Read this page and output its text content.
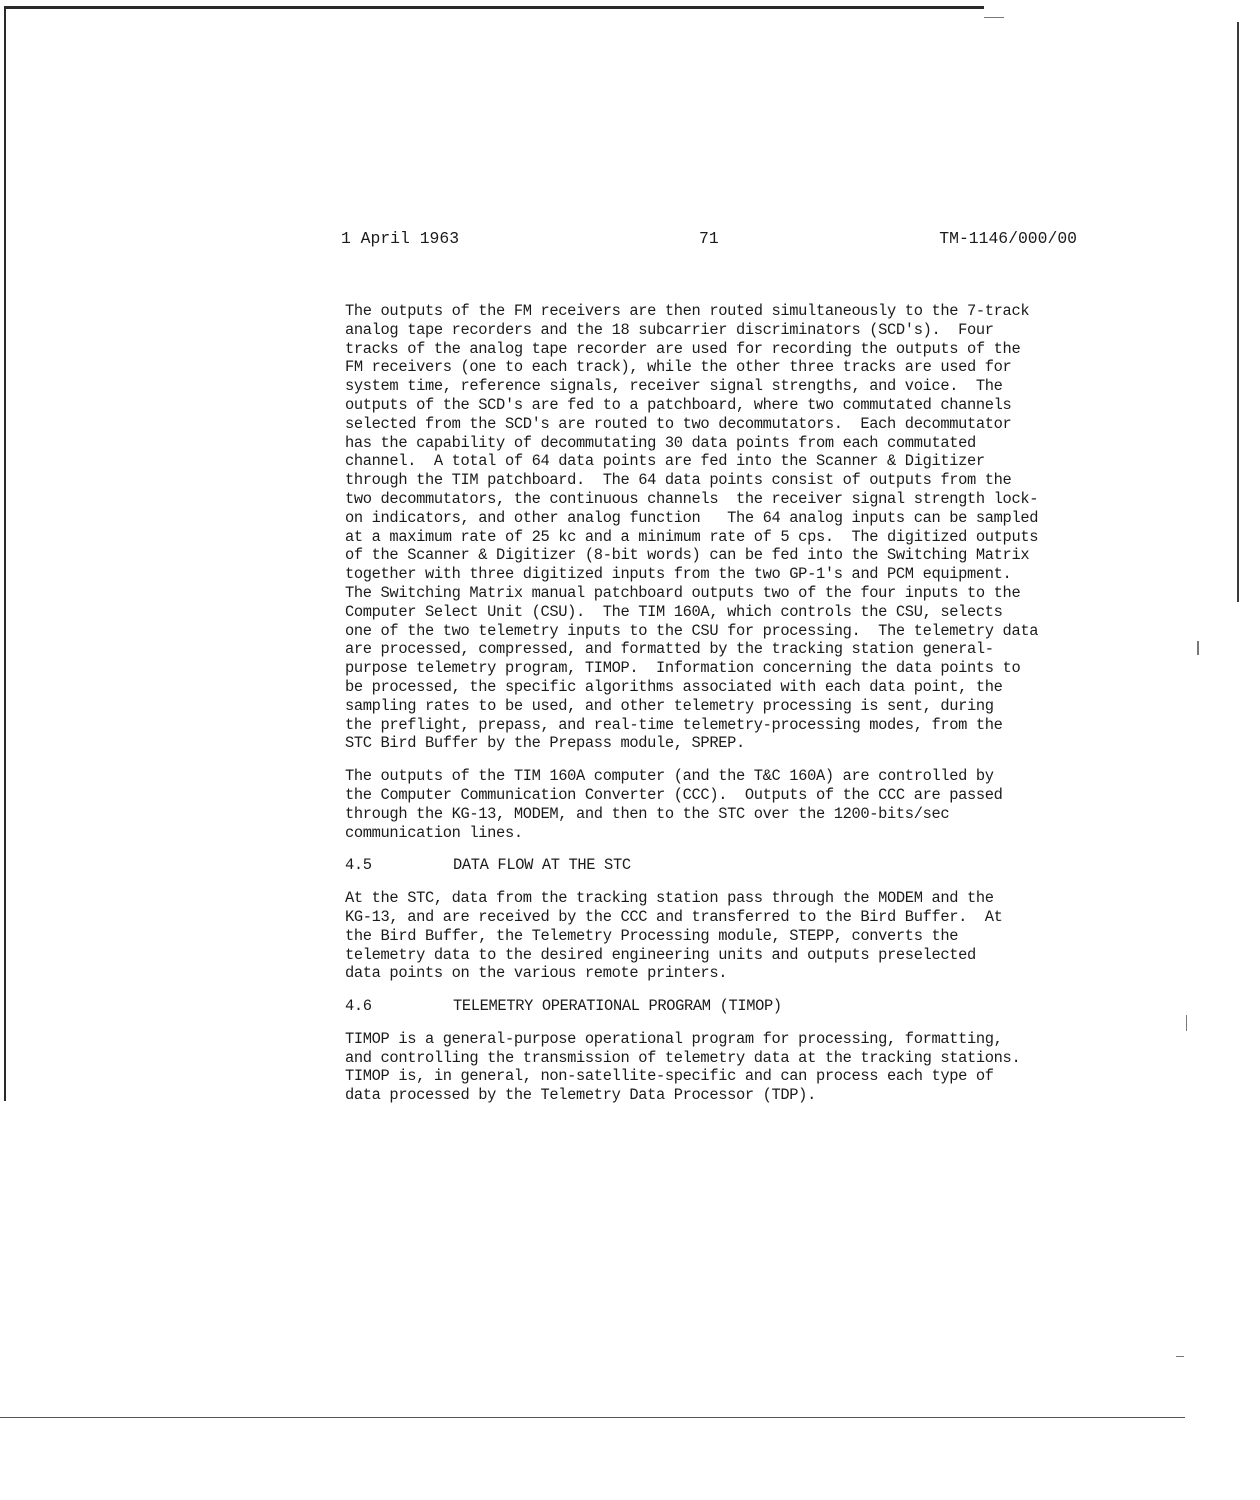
1 April 1963	71	TM-1146/000/00

The outputs of the FM receivers are then routed simultaneously to the 7-track
analog tape recorders and the 18 subcarrier discriminators (SCD's).  Four
tracks of the analog tape recorder are used for recording the outputs of the
FM receivers (one to each track), while the other three tracks are used for
system time, reference signals, receiver signal strengths, and voice.  The
outputs of the SCD's are fed to a patchboard, where two commutated channels
selected from the SCD's are routed to two decommutators.  Each decommutator
has the capability of decommutating 30 data points from each commutated
channel.  A total of 64 data points are fed into the Scanner & Digitizer
through the TIM patchboard.  The 64 data points consist of outputs from the
two decommutators, the continuous channels  the receiver signal strength lock-
on indicators, and other analog function   The 64 analog inputs can be sampled
at a maximum rate of 25 kc and a minimum rate of 5 cps.  The digitized outputs
of the Scanner & Digitizer (8-bit words) can be fed into the Switching Matrix
together with three digitized inputs from the two GP-1's and PCM equipment.
The Switching Matrix manual patchboard outputs two of the four inputs to the
Computer Select Unit (CSU).  The TIM 160A, which controls the CSU, selects
one of the two telemetry inputs to the CSU for processing.  The telemetry data
are processed, compressed, and formatted by the tracking station general-
purpose telemetry program, TIMOP.  Information concerning the data points to
be processed, the specific algorithms associated with each data point, the
sampling rates to be used, and other telemetry processing is sent, during
the preflight, prepass, and real-time telemetry-processing modes, from the
STC Bird Buffer by the Prepass module, SPREP.

The outputs of the TIM 160A computer (and the T&C 160A) are controlled by
the Computer Communication Converter (CCC).  Outputs of the CCC are passed
through the KG-13, MODEM, and then to the STC over the 1200-bits/sec
communication lines.

4.5	DATA FLOW AT THE STC

At the STC, data from the tracking station pass through the MODEM and the
KG-13, and are received by the CCC and transferred to the Bird Buffer.  At
the Bird Buffer, the Telemetry Processing module, STEPP, converts the
telemetry data to the desired engineering units and outputs preselected
data points on the various remote printers.

4.6	TELEMETRY OPERATIONAL PROGRAM (TIMOP)

TIMOP is a general-purpose operational program for processing, formatting,
and controlling the transmission of telemetry data at the tracking stations.
TIMOP is, in general, non-satellite-specific and can process each type of
data processed by the Telemetry Data Processor (TDP).
